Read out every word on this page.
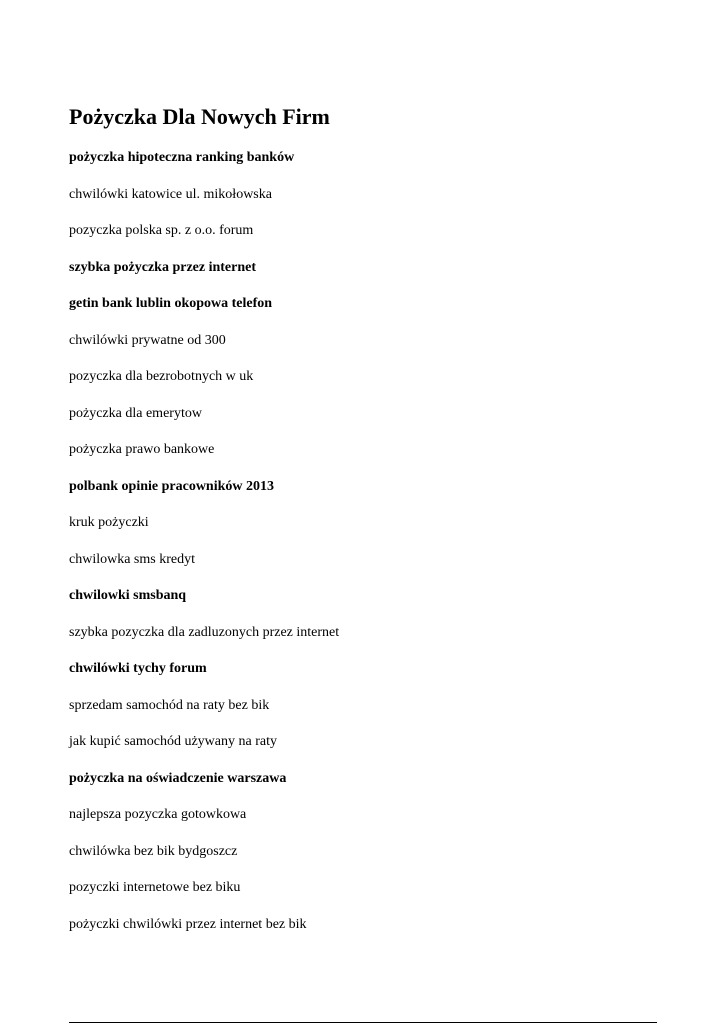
Pożyczka Dla Nowych Firm
pożyczka hipoteczna ranking banków
chwilówki katowice ul. mikołowska
pozyczka polska sp. z o.o. forum
szybka pożyczka przez internet
getin bank lublin okopowa telefon
chwilówki prywatne od 300
pozyczka dla bezrobotnych w uk
pożyczka dla emerytow
pożyczka prawo bankowe
polbank opinie pracowników 2013
kruk pożyczki
chwilowka sms kredyt
chwilowki smsbanq
szybka pozyczka dla zadluzonych przez internet
chwilówki tychy forum
sprzedam samochód na raty bez bik
jak kupić samochód używany na raty
pożyczka na oświadczenie warszawa
najlepsza pozyczka gotowkowa
chwilówka bez bik bydgoszcz
pozyczki internetowe bez biku
pożyczki chwilówki przez internet bez bik
